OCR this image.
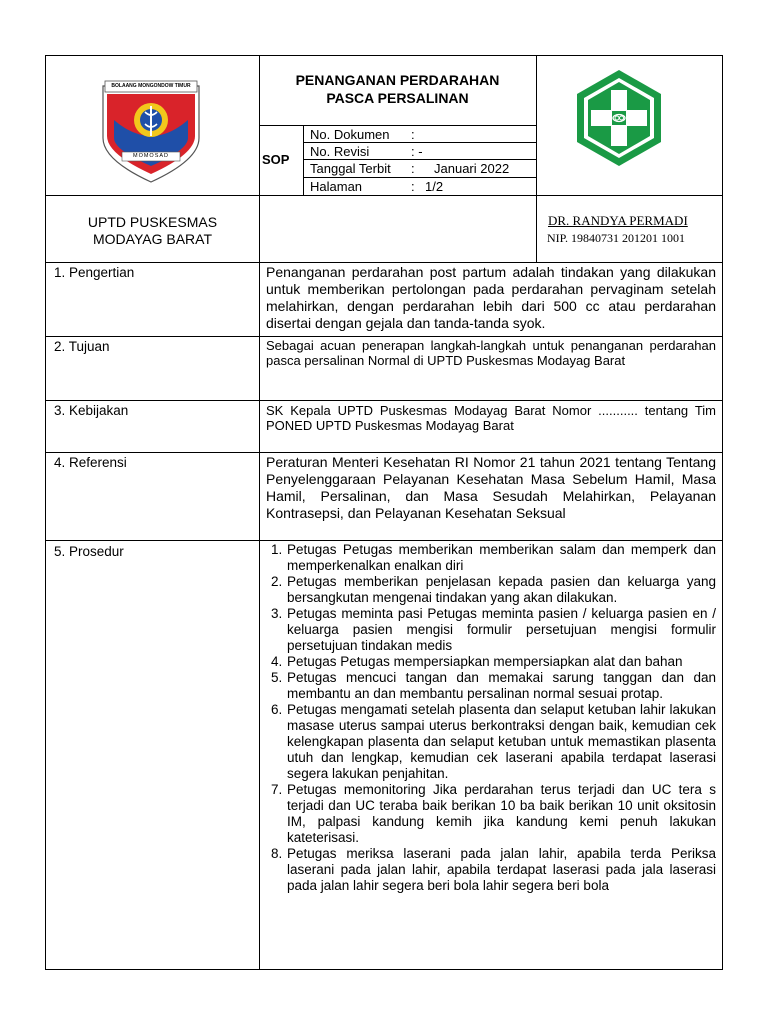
BOLAANG MONGONDOW TIMUR
MOMOSAD
PENANGANAN PERDARAHAN
PASCA PERSALINAN
SOP
No. Dokumen :
No. Revisi	: -
Tanggal Terbit : Januari 2022
Halaman	: 1/2
UPTD PUSKESMAS
MODAYAG BARAT
DR. RANDYA PERMADI
NIP. 19840731 201201 1001
1. Pengertian
2. Tujuan
3. Kebijakan
4. Referensi
5. Prosedur
Penanganan perdarahan post partum adalah tindakan yang dilakukan untuk memberikan pertolongan pada perdarahan pervaginam setelah melahirkan, dengan perdarahan lebih dari 500 cc atau perdarahan disertai dengan gejala dan tanda-tanda syok.
Sebagai acuan penerapan langkah-langkah untuk penanganan perdarahan pasca persalinan Normal di UPTD Puskesmas Modayag Barat
SK Kepala UPTD Puskesmas Modayag Barat Nomor ........... tentang Tim PONED UPTD Puskesmas Modayag Barat
Peraturan Menteri Kesehatan RI Nomor 21 tahun 2021 tentang Tentang Penyelenggaraan Pelayanan Kesehatan Masa Sebelum Hamil, Masa Hamil, Persalinan, dan Masa Sesudah Melahirkan, Pelayanan Kontrasepsi, dan Pelayanan Kesehatan Seksual
1. Petugas Petugas memberikan memberikan salam dan memperk dan memperkenalkan enalkan diri
2. Petugas memberikan penjelasan kepada pasien dan keluarga yang bersangkutan mengenai tindakan yang akan dilakukan.
3. Petugas meminta pasi Petugas meminta pasien / keluarga pasien en / keluarga pasien mengisi formulir persetujuan mengisi formulir persetujuan tindakan medis
4. Petugas Petugas mempersiapkan mempersiapkan alat dan bahan
5. Petugas mencuci tangan dan memakai sarung tanggan dan dan membantu an dan membantu persalinan normal sesuai protap.
6. Petugas mengamati setelah plasenta dan selaput ketuban lahir lakukan masase uterus sampai uterus berkontraksi dengan baik, kemudian cek kelengkapan plasenta dan selaput ketuban untuk memastikan plasenta utuh dan lengkap, kemudian cek laserani apabila terdapat laserasi segera lakukan penjahitan.
7. Petugas memonitoring Jika perdarahan terus terjadi dan UC tera s terjadi dan UC teraba baik berikan 10 ba baik berikan 10 unit oksitosin IM, palpasi kandung kemih jika kandung kemi penuh lakukan kateterisasi.
8. Petugas meriksa laserani pada jalan lahir, apabila terda Periksa laserani pada jalan lahir, apabila terdapat laserasi pada jala laserasi pada jalan lahir segera beri bola lahir segera beri bola
